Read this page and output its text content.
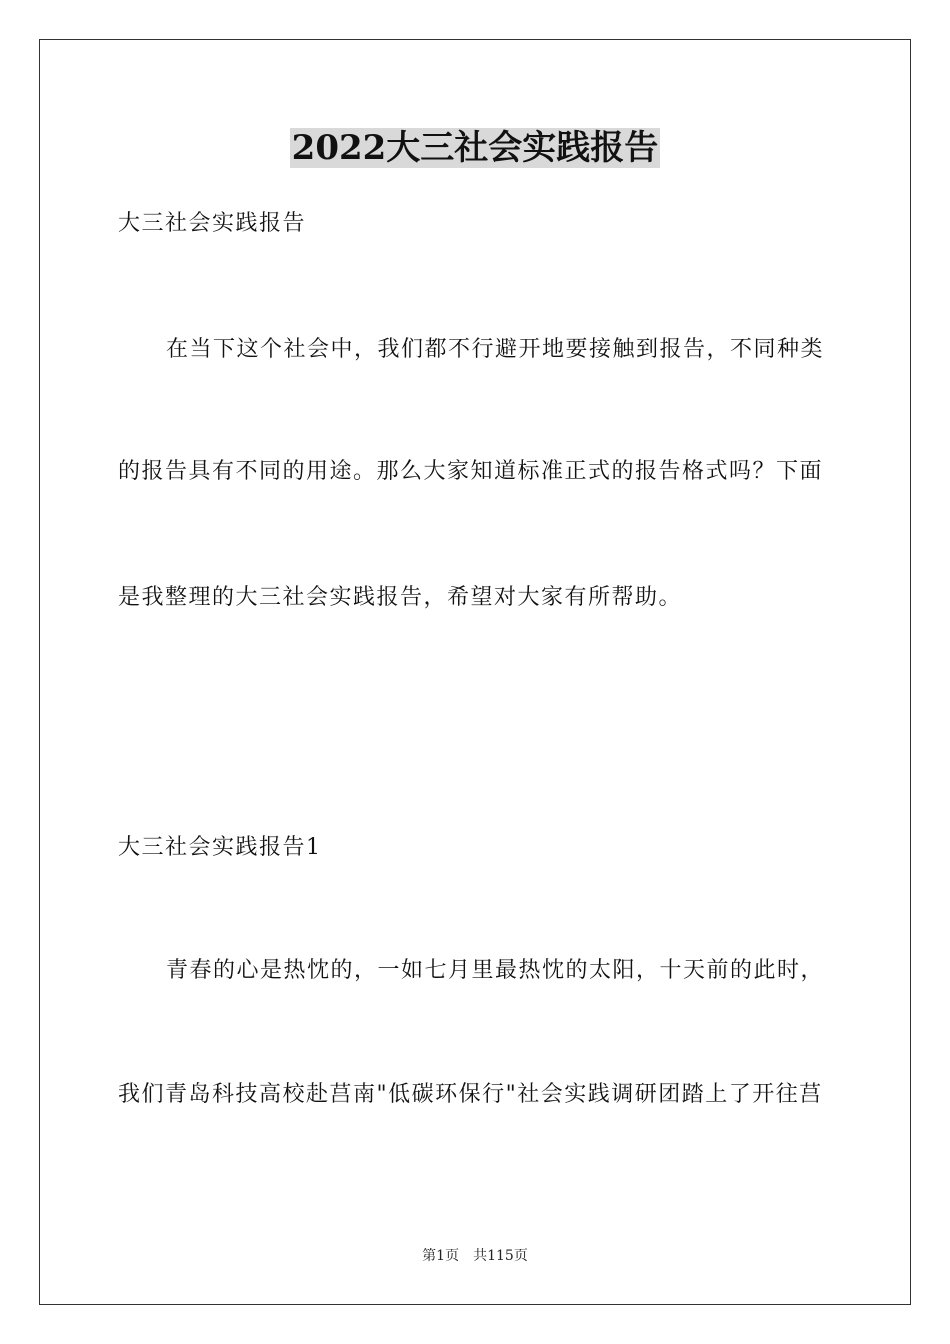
2022大三社会实践报告
大三社会实践报告
在当下这个社会中，我们都不行避开地要接触到报告，不同种类
的报告具有不同的用途。那么大家知道标准正式的报告格式吗？下面
是我整理的大三社会实践报告，希望对大家有所帮助。
大三社会实践报告1
青春的心是热忱的，一如七月里最热忱的太阳，十天前的此时，
我们青岛科技高校赴莒南"低碳环保行"社会实践调研团踏上了开往莒
第1页 共115页
